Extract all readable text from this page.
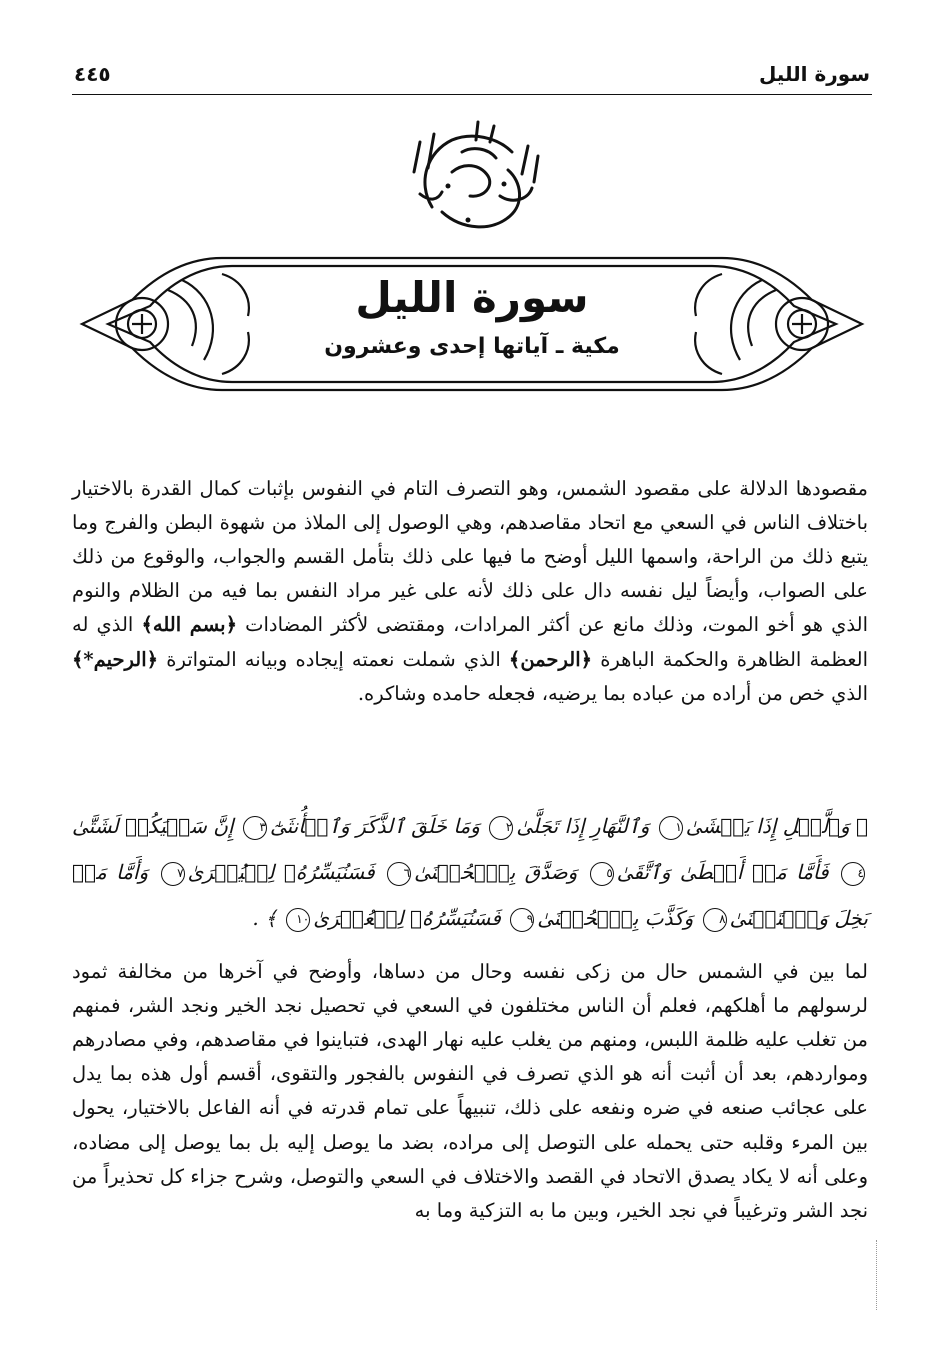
سورة الليل
٤٤٥
سورة الليل
مكية ـ آياتها إحدى وعشرون

مقصودها الدلالة على مقصود الشمس، وهو التصرف التام في النفوس بإثبات كمال القدرة بالاختيار باختلاف الناس في السعي مع اتحاد مقاصدهم، وهي الوصول إلى الملاذ من شهوة البطن والفرج وما يتبع ذلك من الراحة، واسمها الليل أوضح ما فيها على ذلك بتأمل القسم والجواب، والوقوع من ذلك على الصواب، وأيضاً ليل نفسه دال على ذلك لأنه على غير مراد النفس بما فيه من الظلام والنوم الذي هو أخو الموت، وذلك مانع عن أكثر المرادات، ومقتضى لأكثر المضادات ﴿بسم الله﴾ الذي له العظمة الظاهرة والحكمة الباهرة ﴿الرحمن﴾ الذي شملت نعمته إيجاده وبيانه المتواترة ﴿الرحيم*﴾ الذي خص من أراده من عباده بما يرضيه، فجعله حامده وشاكره.

﴿ وَٱلَّيۡلِ إِذَا يَغۡشَىٰ١ وَٱلنَّهَارِ إِذَا تَجَلَّىٰ٢ وَمَا خَلَقَ ٱلذَّكَرَ وَٱلۡأُنثَىٰٓ٣ إِنَّ سَعۡيَكُمۡ لَشَتَّىٰ٤ فَأَمَّا مَنۡ أَعۡطَىٰ وَٱتَّقَىٰ٥ وَصَدَّقَ بِٱلۡحُسۡنَىٰ٦ فَسَنُيَسِّرُهُۥ لِلۡيُسۡرَىٰ٧ وَأَمَّا مَنۢ بَخِلَ وَٱسۡتَغۡنَىٰ٨ وَكَذَّبَ بِٱلۡحُسۡنَىٰ٩ فَسَنُيَسِّرُهُۥ لِلۡعُسۡرَىٰ١٠ ﴾ .

لما بين في الشمس حال من زكى نفسه وحال من دساها، وأوضح في آخرها من مخالفة ثمود لرسولهم ما أهلكهم، فعلم أن الناس مختلفون في السعي في تحصيل نجد الخير ونجد الشر، فمنهم من تغلب عليه ظلمة اللبس، ومنهم من يغلب عليه نهار الهدى، فتباينوا في مقاصدهم، وفي مصادرهم ومواردهم، بعد أن أثبت أنه هو الذي تصرف في النفوس بالفجور والتقوى، أقسم أول هذه بما يدل على عجائب صنعه في ضره ونفعه على ذلك، تنبيهاً على تمام قدرته في أنه الفاعل بالاختيار، يحول بين المرء وقلبه حتى يحمله على التوصل إلى مراده، بضد ما يوصل إليه بل بما يوصل إلى مضاده، وعلى أنه لا يكاد يصدق الاتحاد في القصد والاختلاف في السعي والتوصل، وشرح جزاء كل تحذيراً من نجد الشر وترغيباً في نجد الخير، وبين ما به التزكية وما به
